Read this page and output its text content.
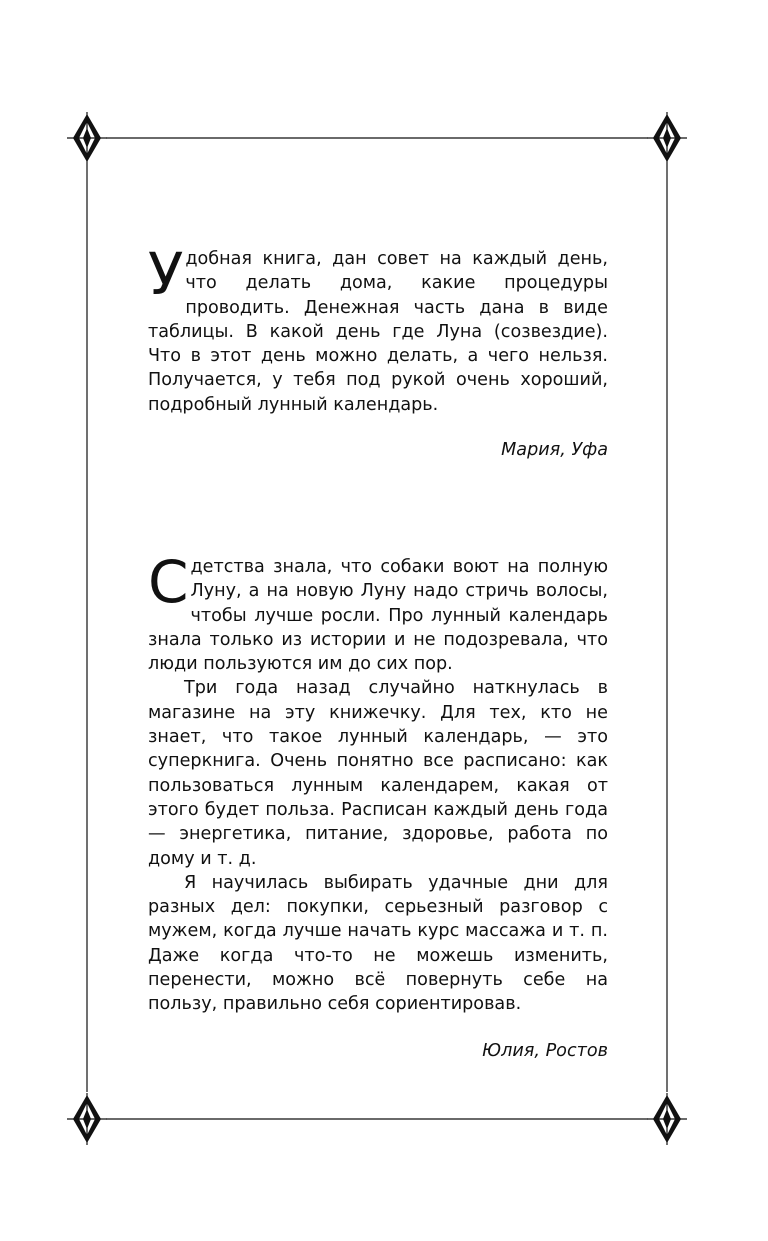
Удобная книга, дан совет на каждый день, что делать дома, какие процедуры проводить. Денежная часть дана в виде таблицы. В какой день где Луна (созвездие). Что в этот день можно делать, а чего нельзя. Получается, у тебя под рукой очень хороший, подробный лунный календарь.

Мария, Уфа

Сдетства знала, что собаки воют на полную Луну, а на новую Луну надо стричь волосы, чтобы лучше росли. Про лунный календарь знала только из истории и не подозревала, что люди пользуются им до сих пор.

Три года назад случайно наткнулась в магазине на эту книжечку. Для тех, кто не знает, что такое лунный календарь, — это суперкнига. Очень понятно все расписано: как пользоваться лунным календарем, какая от этого будет польза. Расписан каждый день года — энергетика, питание, здоровье, работа по дому и т. д.

Я научилась выбирать удачные дни для разных дел: покупки, серьезный разговор с мужем, когда лучше начать курс массажа и т. п. Даже когда что-то не можешь изменить, перенести, можно всё повернуть себе на пользу, правильно себя сориентировав.

Юлия, Ростов
